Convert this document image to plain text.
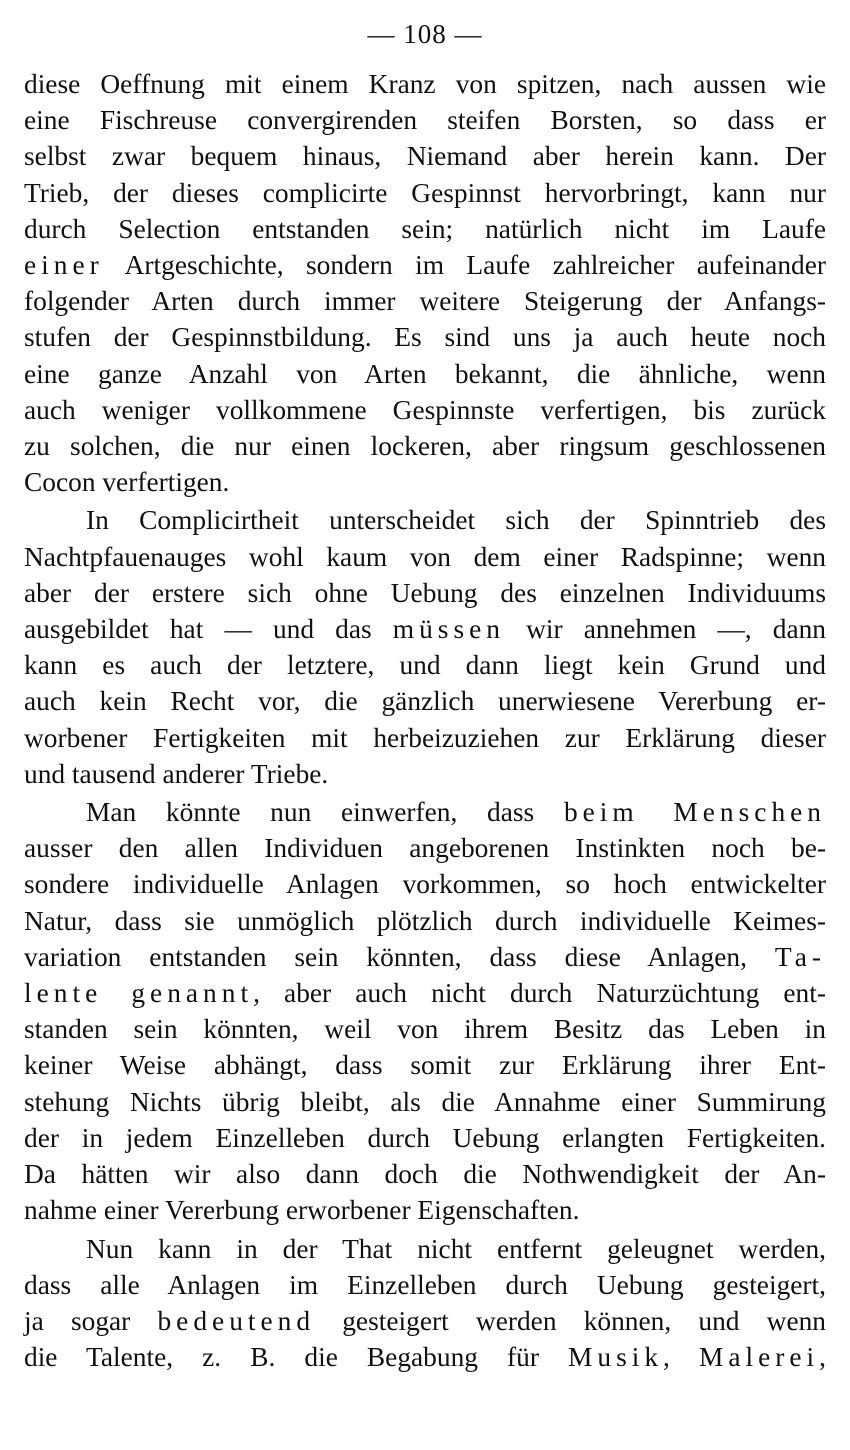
— 108 —

diese Oeffnung mit einem Kranz von spitzen, nach aussen wie
eine Fischreuse convergirenden steifen Borsten, so dass er
selbst zwar bequem hinaus, Niemand aber herein kann. Der
Trieb, der dieses complicirte Gespinnst hervorbringt, kann nur
durch Selection entstanden sein; natürlich nicht im Laufe
einer Artgeschichte, sondern im Laufe zahlreicher aufeinander
folgender Arten durch immer weitere Steigerung der Anfangs-
stufen der Gespinnstbildung. Es sind uns ja auch heute noch
eine ganze Anzahl von Arten bekannt, die ähnliche, wenn
auch weniger vollkommene Gespinnste verfertigen, bis zurück
zu solchen, die nur einen lockeren, aber ringsum geschlossenen
Cocon verfertigen.

In Complicirtheit unterscheidet sich der Spinntrieb des
Nachtpfauenauges wohl kaum von dem einer Radspinne; wenn
aber der erstere sich ohne Uebung des einzelnen Individuums
ausgebildet hat — und das müssen wir annehmen —, dann
kann es auch der letztere, und dann liegt kein Grund und
auch kein Recht vor, die gänzlich unerwiesene Vererbung er-
worbener Fertigkeiten mit herbeizuziehen zur Erklärung dieser
und tausend anderer Triebe.

Man könnte nun einwerfen, dass beim Menschen
ausser den allen Individuen angeborenen Instinkten noch be-
sondere individuelle Anlagen vorkommen, so hoch entwickelter
Natur, dass sie unmöglich plötzlich durch individuelle Keimes-
variation entstanden sein könnten, dass diese Anlagen, Ta-
lente genannt, aber auch nicht durch Naturzüchtung ent-
standen sein könnten, weil von ihrem Besitz das Leben in
keiner Weise abhängt, dass somit zur Erklärung ihrer Ent-
stehung Nichts übrig bleibt, als die Annahme einer Summirung
der in jedem Einzelleben durch Uebung erlangten Fertigkeiten.
Da hätten wir also dann doch die Nothwendigkeit der An-
nahme einer Vererbung erworbener Eigenschaften.

Nun kann in der That nicht entfernt geleugnet werden,
dass alle Anlagen im Einzelleben durch Uebung gesteigert,
ja sogar bedeutend gesteigert werden können, und wenn
die Talente, z. B. die Begabung für Musik, Malerei,
